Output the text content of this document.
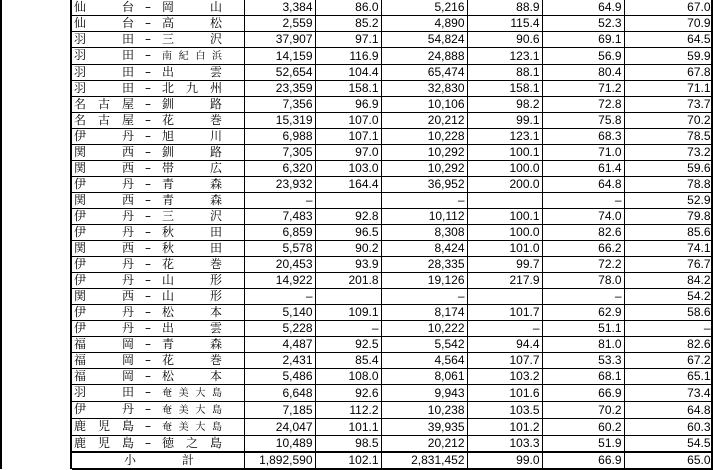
仙　台 – 岡　山	3,384	86.0	5,216	88.9	64.9	67.0
仙　台 – 高　松	2,559	85.2	4,890	115.4	52.3	70.9
羽　田 – 三　沢	37,907	97.1	54,824	90.6	69.1	64.5
羽　田 – 南紀白浜	14,159	116.9	24,888	123.1	56.9	59.9
羽　田 – 出　雲	52,654	104.4	65,474	88.1	80.4	67.8
羽　田 – 北九州	23,359	158.1	32,830	158.1	71.2	71.1
名古屋 – 釧　路	7,356	96.9	10,106	98.2	72.8	73.7
名古屋 – 花　巻	15,319	107.0	20,212	99.1	75.8	70.2
伊　丹 – 旭　川	6,988	107.1	10,228	123.1	68.3	78.5
関　西 – 釧　路	7,305	97.0	10,292	100.1	71.0	73.2
関　西 – 帯　広	6,320	103.0	10,292	100.0	61.4	59.6
伊　丹 – 青　森	23,932	164.4	36,952	200.0	64.8	78.8
関　西 – 青　森	–		–		–	52.9
伊　丹 – 三　沢	7,483	92.8	10,112	100.1	74.0	79.8
伊　丹 – 秋　田	6,859	96.5	8,308	100.0	82.6	85.6
関　西 – 秋　田	5,578	90.2	8,424	101.0	66.2	74.1
伊　丹 – 花　巻	20,453	93.9	28,335	99.7	72.2	76.7
伊　丹 – 山　形	14,922	201.8	19,126	217.9	78.0	84.2
関　西 – 山　形	–		–		–	54.2
伊　丹 – 松　本	5,140	109.1	8,174	101.7	62.9	58.6
伊　丹 – 出　雲	5,228	–	10,222	–	51.1	–
福　岡 – 青　森	4,487	92.5	5,542	94.4	81.0	82.6
福　岡 – 花　巻	2,431	85.4	4,564	107.7	53.3	67.2
福　岡 – 松　本	5,486	108.0	8,061	103.2	68.1	65.1
羽　田 – 奄美大島	6,648	92.6	9,943	101.6	66.9	73.4
伊　丹 – 奄美大島	7,185	112.2	10,238	103.5	70.2	64.8
鹿児島 – 奄美大島	24,047	101.1	39,935	101.2	60.2	60.3
鹿児島 – 徳之島	10,489	98.5	20,212	103.3	51.9	54.5
小 計	1,892,590	102.1	2,831,452	99.0	66.9	65.0
